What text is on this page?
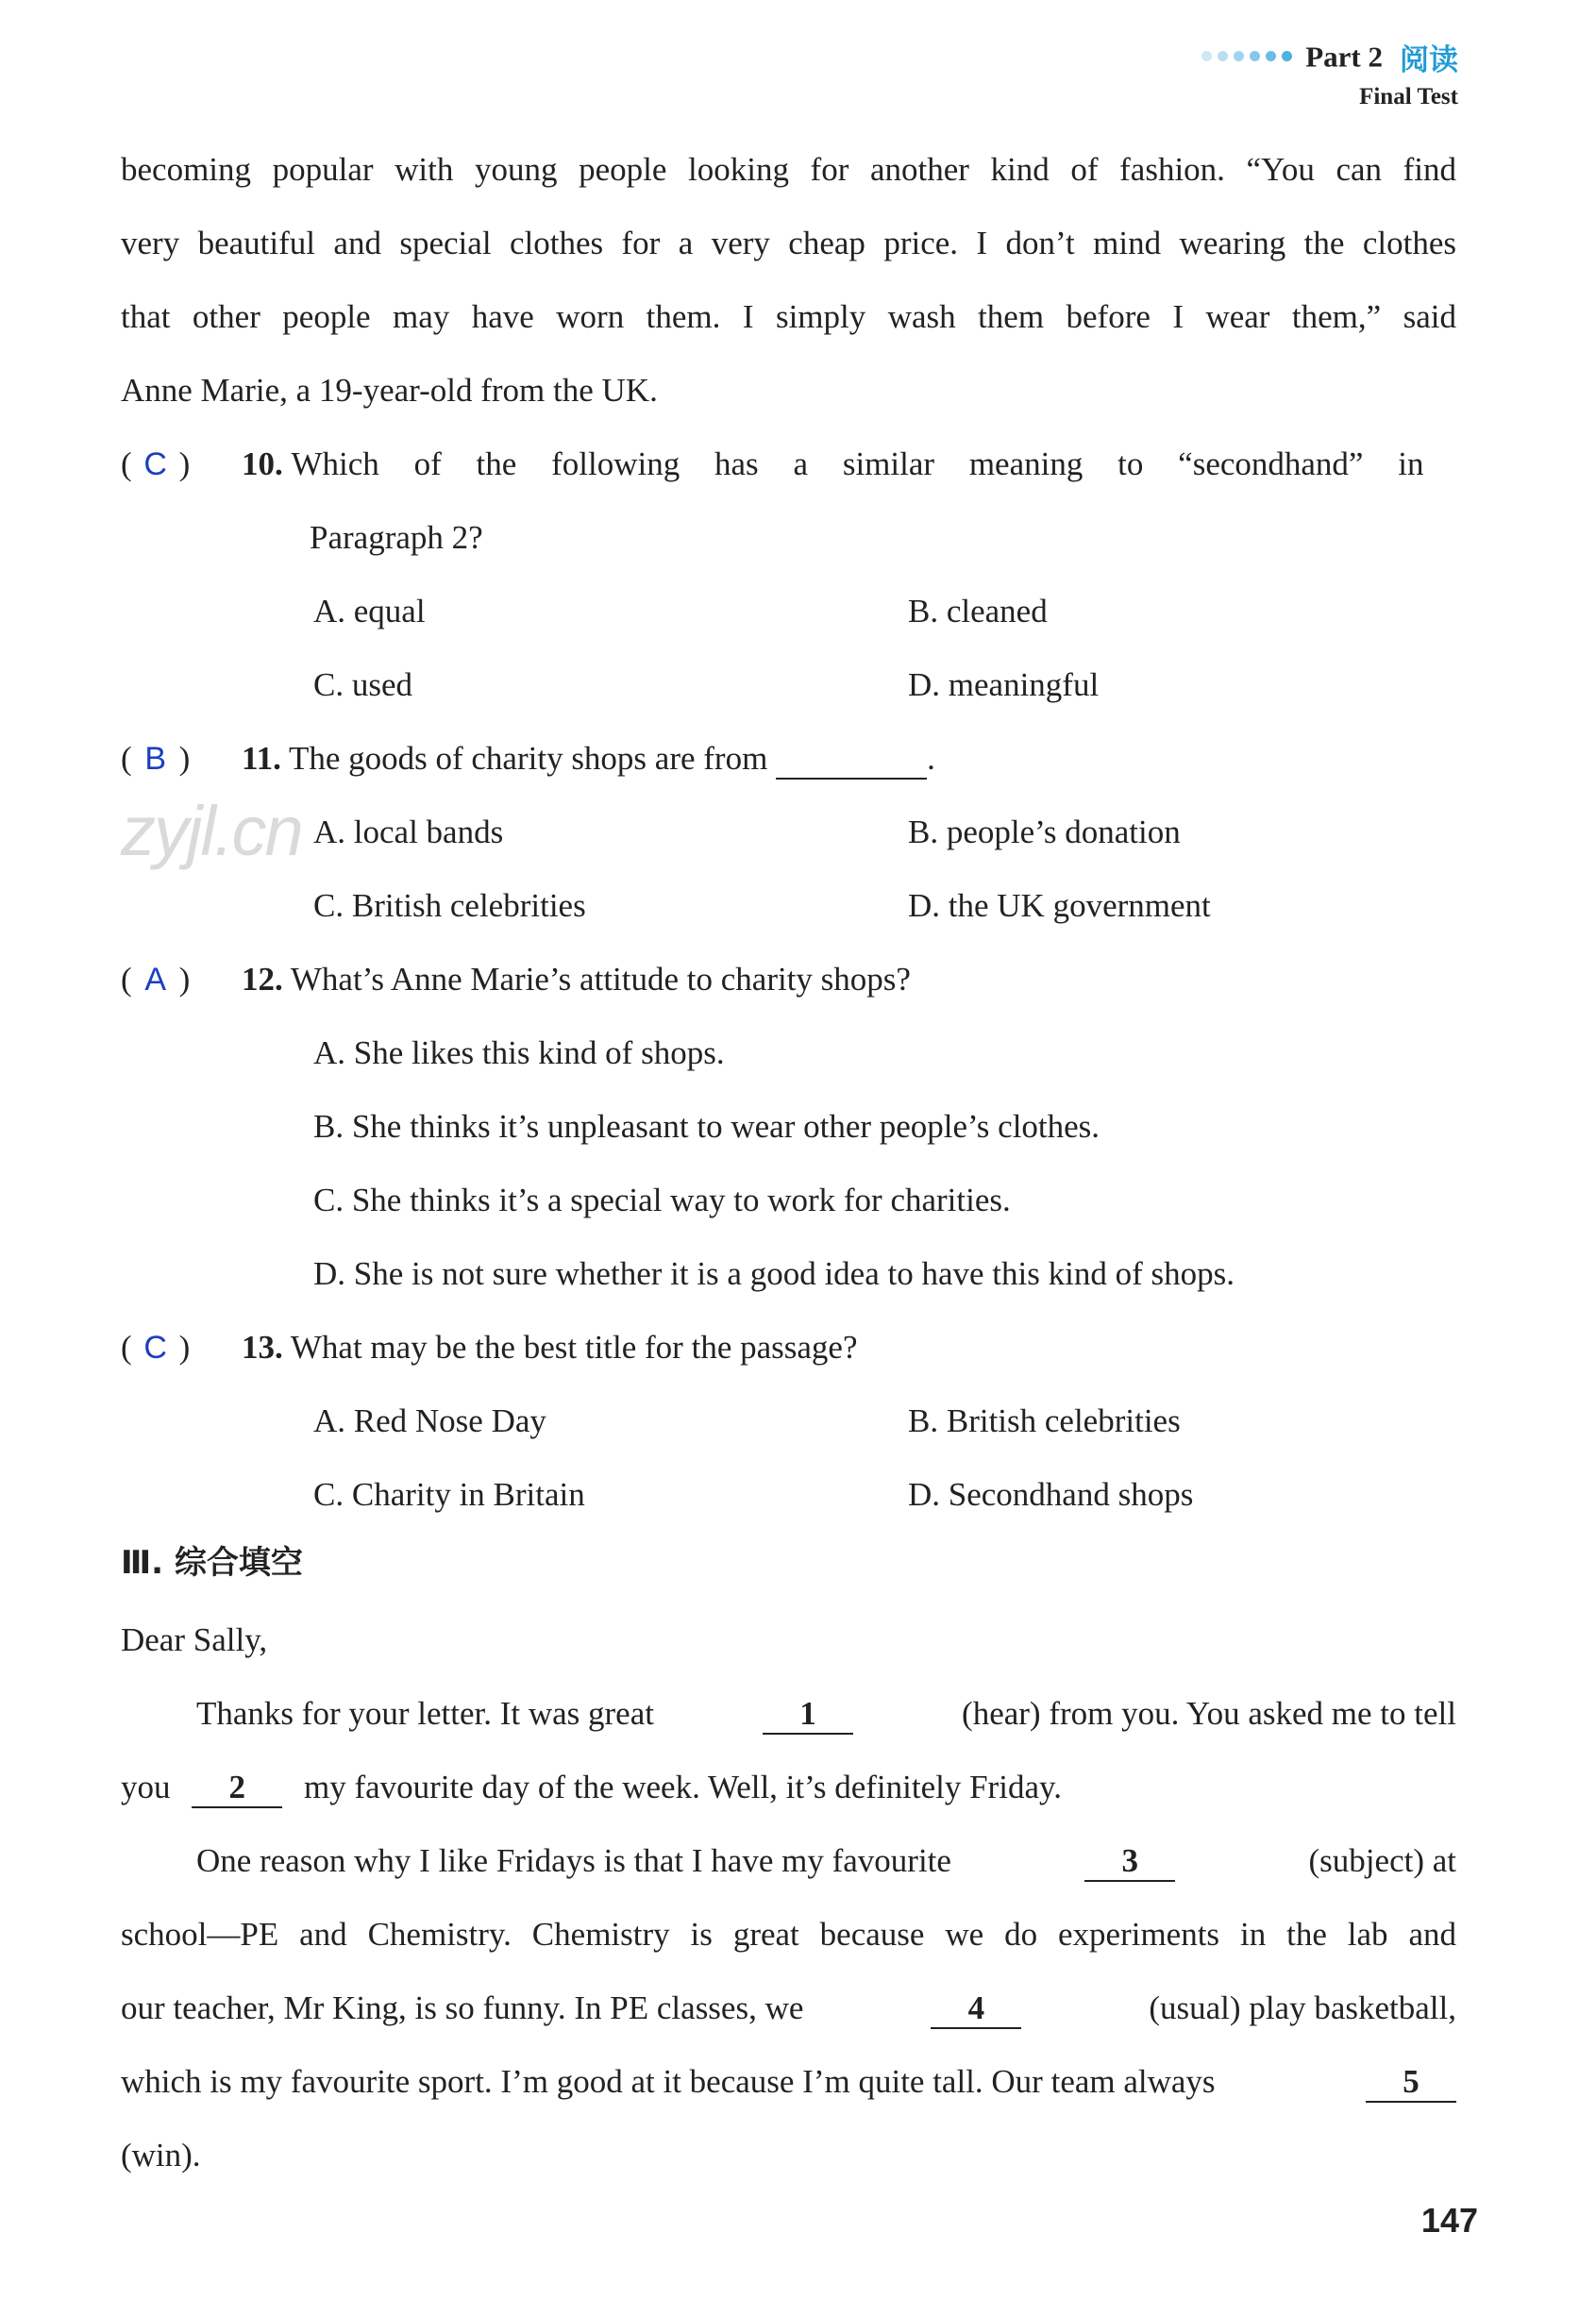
Part 2 阅读
Final Test
becoming popular with young people looking for another kind of fashion. “You can find
very beautiful and special clothes for a very cheap price. I don’t mind wearing the clothes
that other people may have worn them. I simply wash them before I wear them,” said
Anne Marie, a 19-year-old from the UK.
( C ) 10. Which of the following has a similar meaning to “secondhand” in
Paragraph 2?
A. equal	B. cleaned
C. used	D. meaningful
( B ) 11. The goods of charity shops are from	.
A. local bands	B. people’s donation
C. British celebrities	D. the UK government
zyjl.cn
( A ) 12. What’s Anne Marie’s attitude to charity shops?
A. She likes this kind of shops.
B. She thinks it’s unpleasant to wear other people’s clothes.
C. She thinks it’s a special way to work for charities.
D. She is not sure whether it is a good idea to have this kind of shops.
( C ) 13. What may be the best title for the passage?
A. Red Nose Day	B. British celebrities
C. Charity in Britain	D. Secondhand shops
Ⅲ. 综合填空
Dear Sally,
Thanks for your letter. It was great	1	(hear) from you. You asked me to tell
you 2 my favourite day of the week. Well, it’s definitely Friday.
One reason why I like Fridays is that I have my favourite	3	(subject) at
school—PE and Chemistry. Chemistry is great because we do experiments in the lab and
our teacher, Mr King, is so funny. In PE classes, we	4	(usual) play basketball,
which is my favourite sport. I’m good at it because I’m quite tall. Our team always	5
(win).
147
